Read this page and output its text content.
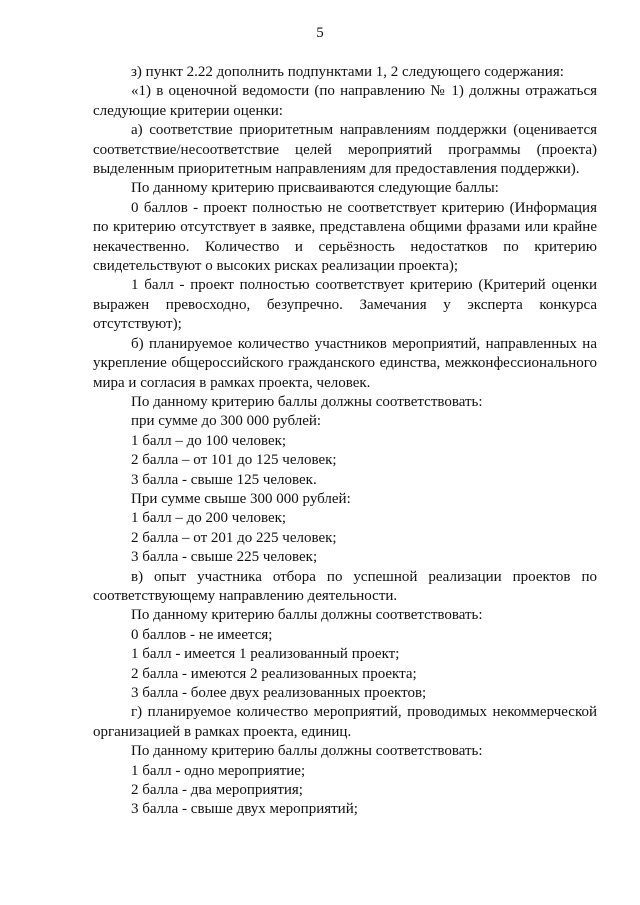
5

з) пункт 2.22 дополнить подпунктами 1, 2 следующего содержания:

«1) в оценочной ведомости (по направлению № 1) должны отражаться следующие критерии оценки:

а) соответствие приоритетным направлениям поддержки (оценивается соответствие/несоответствие целей мероприятий программы (проекта) выделенным приоритетным направлениям для предоставления поддержки).

По данному критерию присваиваются следующие баллы:

0 баллов - проект полностью не соответствует критерию (Информация по критерию отсутствует в заявке, представлена общими фразами или крайне некачественно. Количество и серьёзность недостатков по критерию свидетельствуют о высоких рисках реализации проекта);

1 балл - проект полностью соответствует критерию (Критерий оценки выражен превосходно, безупречно. Замечания у эксперта конкурса отсутствуют);

б) планируемое количество участников мероприятий, направленных на укрепление общероссийского гражданского единства, межконфессионального мира и согласия в рамках проекта, человек.

По данному критерию баллы должны соответствовать:

при сумме до 300 000 рублей:

1 балл – до 100 человек;

2 балла – от 101 до 125 человек;

3 балла - свыше 125 человек.

При сумме свыше 300 000 рублей:

1 балл – до 200 человек;

2 балла – от 201 до 225 человек;

3 балла - свыше 225 человек;

в) опыт участника отбора по успешной реализации проектов по соответствующему направлению деятельности.

По данному критерию баллы должны соответствовать:

0 баллов - не имеется;

1 балл - имеется 1 реализованный проект;

2 балла - имеются 2 реализованных проекта;

3 балла - более двух реализованных проектов;

г) планируемое количество мероприятий, проводимых некоммерческой организацией в рамках проекта, единиц.

По данному критерию баллы должны соответствовать:

1 балл - одно мероприятие;

2 балла - два мероприятия;

3 балла - свыше двух мероприятий;
